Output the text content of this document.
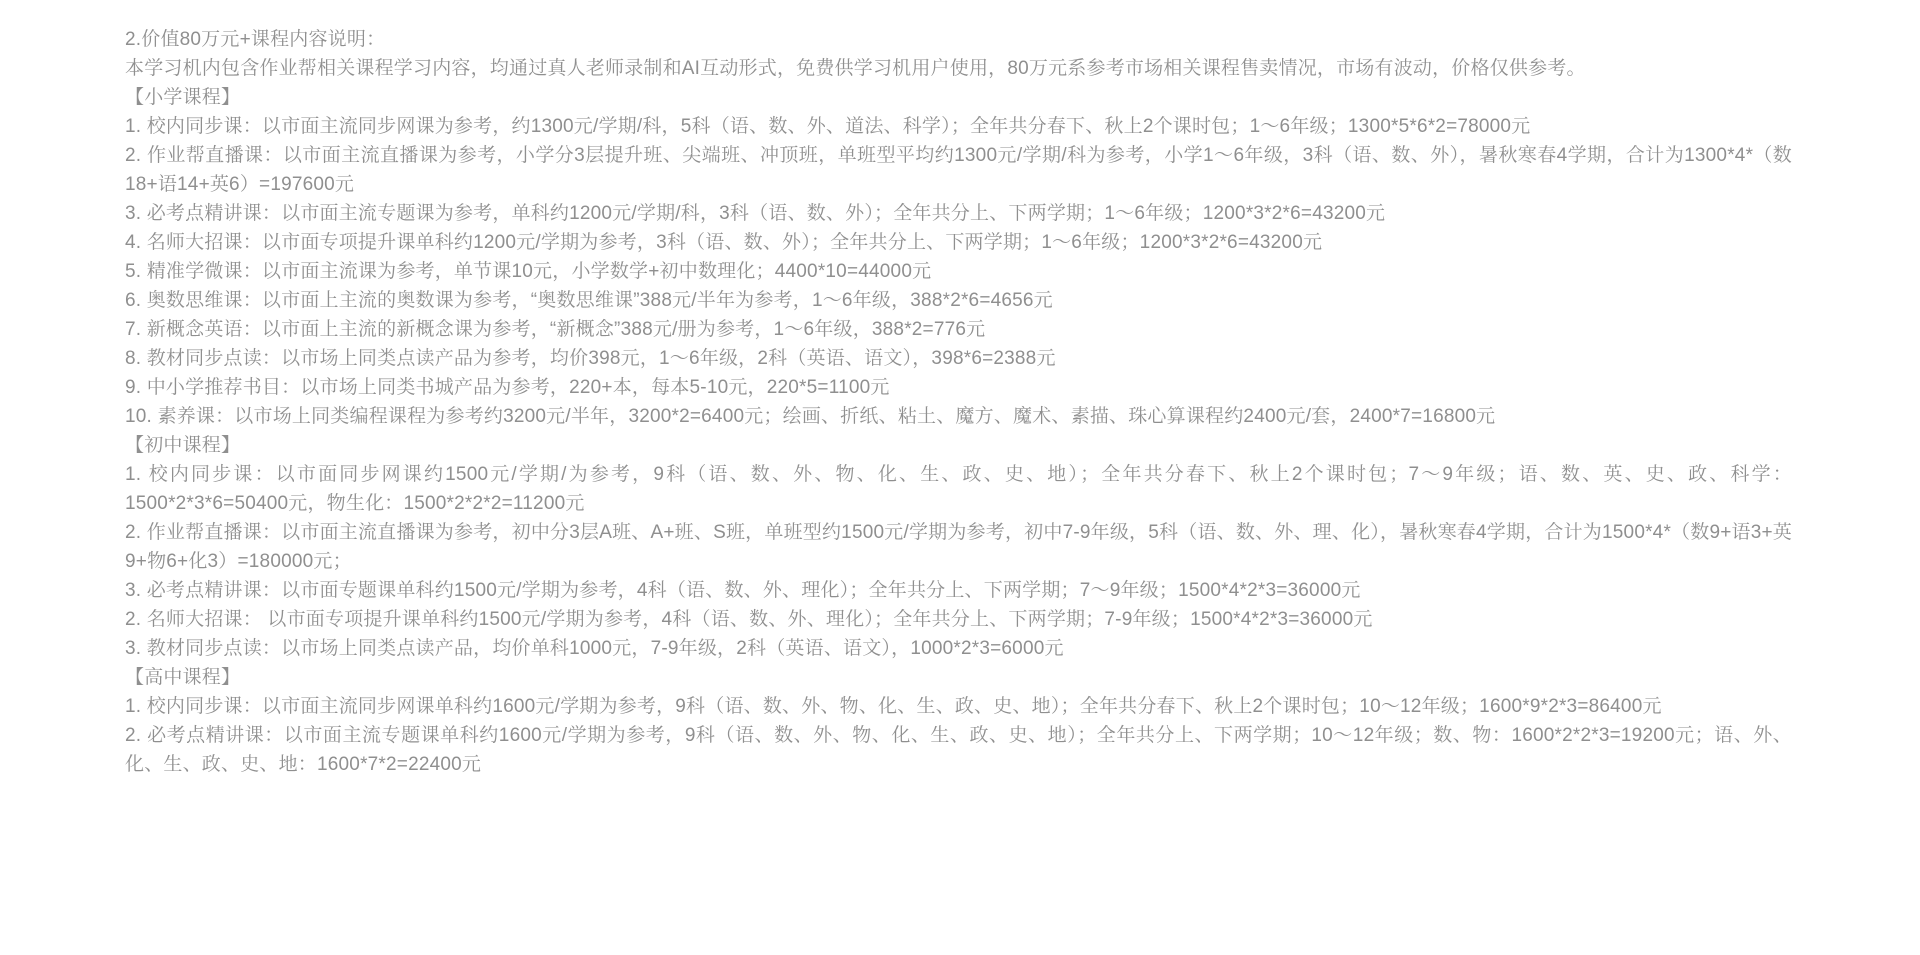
2.价值80万元+课程内容说明：

本学习机内包含作业帮相关课程学习内容，均通过真人老师录制和AI互动形式，免费供学习机用户使用，80万元系参考市场相关课程售卖情况，市场有波动，价格仅供参考。

【小学课程】

1. 校内同步课：以市面主流同步网课为参考，约1300元/学期/科，5科（语、数、外、道法、科学）；全年共分春下、秋上2个课时包；1～6年级；1300*5*6*2=78000元

2. 作业帮直播课：以市面主流直播课为参考，小学分3层提升班、尖端班、冲顶班，单班型平均约1300元/学期/科为参考，小学1～6年级，3科（语、数、外），暑秋寒春4学期，合计为1300*4*（数18+语14+英6）=197600元

3. 必考点精讲课：以市面主流专题课为参考，单科约1200元/学期/科，3科（语、数、外）；全年共分上、下两学期；1～6年级；1200*3*2*6=43200元

4. 名师大招课：以市面专项提升课单科约1200元/学期为参考，3科（语、数、外）；全年共分上、下两学期；1～6年级；1200*3*2*6=43200元

5. 精准学微课：以市面主流课为参考，单节课10元，小学数学+初中数理化；4400*10=44000元

6. 奥数思维课：以市面上主流的奥数课为参考，“奥数思维课”388元/半年为参考，1～6年级，388*2*6=4656元

7. 新概念英语：以市面上主流的新概念课为参考，“新概念”388元/册为参考，1～6年级，388*2=776元

8. 教材同步点读：以市场上同类点读产品为参考，均价398元，1～6年级，2科（英语、语文），398*6=2388元

9. 中小学推荐书目：以市场上同类书城产品为参考，220+本，每本5-10元，220*5=1100元

10. 素养课：以市场上同类编程课程为参考约3200元/半年，3200*2=6400元；绘画、折纸、粘土、魔方、魔术、素描、珠心算课程约2400元/套，2400*7=16800元

【初中课程】

1. 校内同步课：以市面同步网课约1500元/学期/为参考，9科（语、数、外、物、化、生、政、史、地）；全年共分春下、秋上2个课时包；7～9年级；语、数、英、史、政、科学：1500*2*3*6=50400元，物生化：1500*2*2*2=11200元

2. 作业帮直播课：以市面主流直播课为参考，初中分3层A班、A+班、S班，单班型约1500元/学期为参考，初中7-9年级，5科（语、数、外、理、化），暑秋寒春4学期，合计为1500*4*（数9+语3+英9+物6+化3）=180000元；

3. 必考点精讲课：以市面专题课单科约1500元/学期为参考，4科（语、数、外、理化）；全年共分上、下两学期；7～9年级；1500*4*2*3=36000元

2. 名师大招课： 以市面专项提升课单科约1500元/学期为参考，4科（语、数、外、理化）；全年共分上、下两学期；7-9年级；1500*4*2*3=36000元

3. 教材同步点读：以市场上同类点读产品，均价单科1000元，7-9年级，2科（英语、语文），1000*2*3=6000元

【高中课程】

1. 校内同步课：以市面主流同步网课单科约1600元/学期为参考，9科（语、数、外、物、化、生、政、史、地）；全年共分春下、秋上2个课时包；10～12年级；1600*9*2*3=86400元

2. 必考点精讲课：以市面主流专题课单科约1600元/学期为参考，9科（语、数、外、物、化、生、政、史、地）；全年共分上、下两学期；10～12年级；数、物：1600*2*2*3=19200元；语、外、化、生、政、史、地：1600*7*2=22400元
